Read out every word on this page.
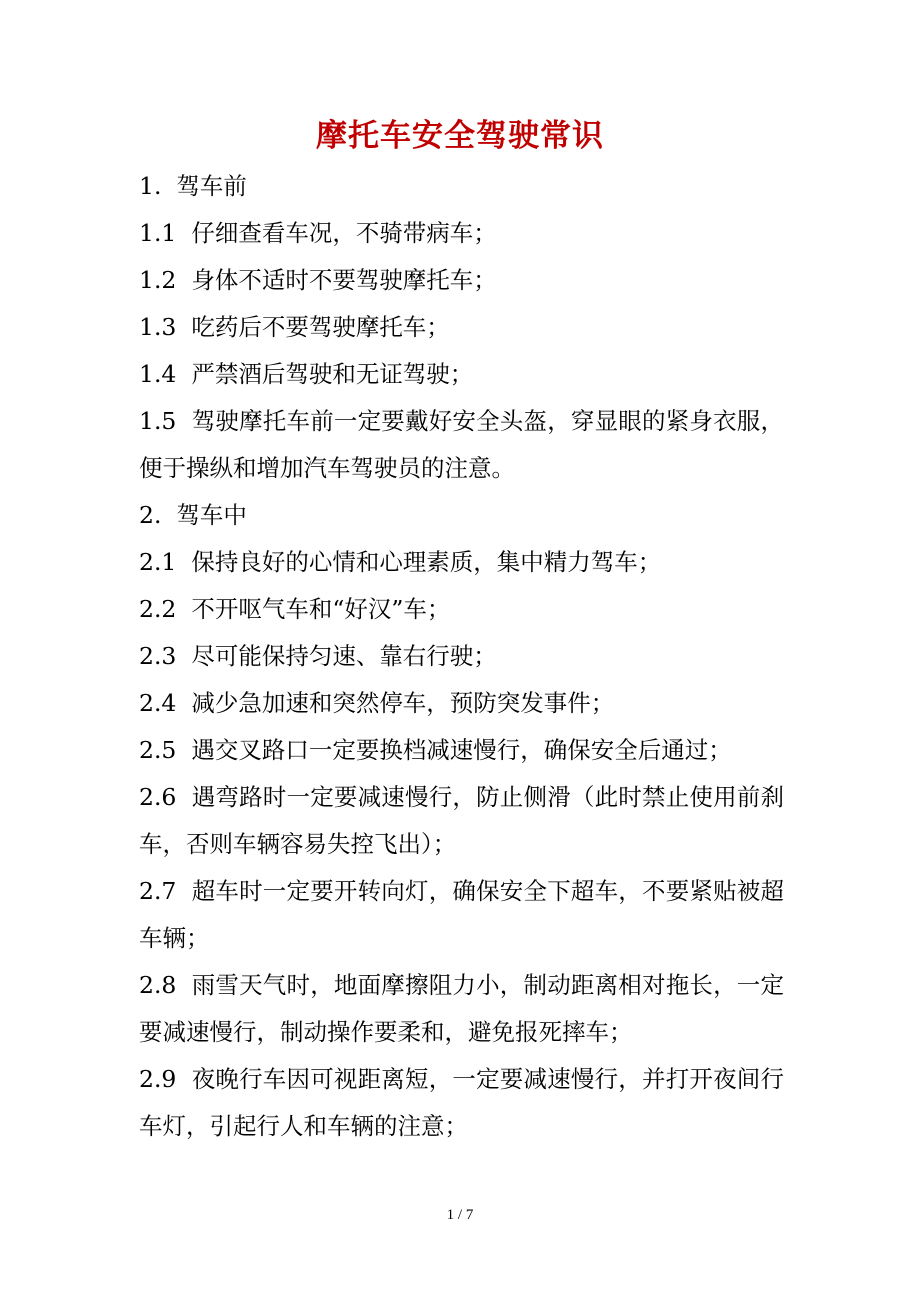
摩托车安全驾驶常识

1.  驾车前

1.1  仔细查看车况，不骑带病车；

1.2  身体不适时不要驾驶摩托车；

1.3  吃药后不要驾驶摩托车；

1.4  严禁酒后驾驶和无证驾驶；

1.5  驾驶摩托车前一定要戴好安全头盔，穿显眼的紧身衣服，便于操纵和增加汽车驾驶员的注意。

2.  驾车中

2.1  保持良好的心情和心理素质，集中精力驾车；

2.2  不开呕气车和“好汉”车；

2.3  尽可能保持匀速、靠右行驶；

2.4  减少急加速和突然停车，预防突发事件；

2.5  遇交叉路口一定要换档减速慢行，确保安全后通过；

2.6  遇弯路时一定要减速慢行，防止侧滑（此时禁止使用前刹车，否则车辆容易失控飞出）；

2.7  超车时一定要开转向灯，确保安全下超车，不要紧贴被超车辆；

2.8  雨雪天气时，地面摩擦阻力小，制动距离相对拖长，一定要减速慢行，制动操作要柔和，避免报死摔车；

2.9  夜晚行车因可视距离短，一定要减速慢行，并打开夜间行车灯，引起行人和车辆的注意；

1 / 7
